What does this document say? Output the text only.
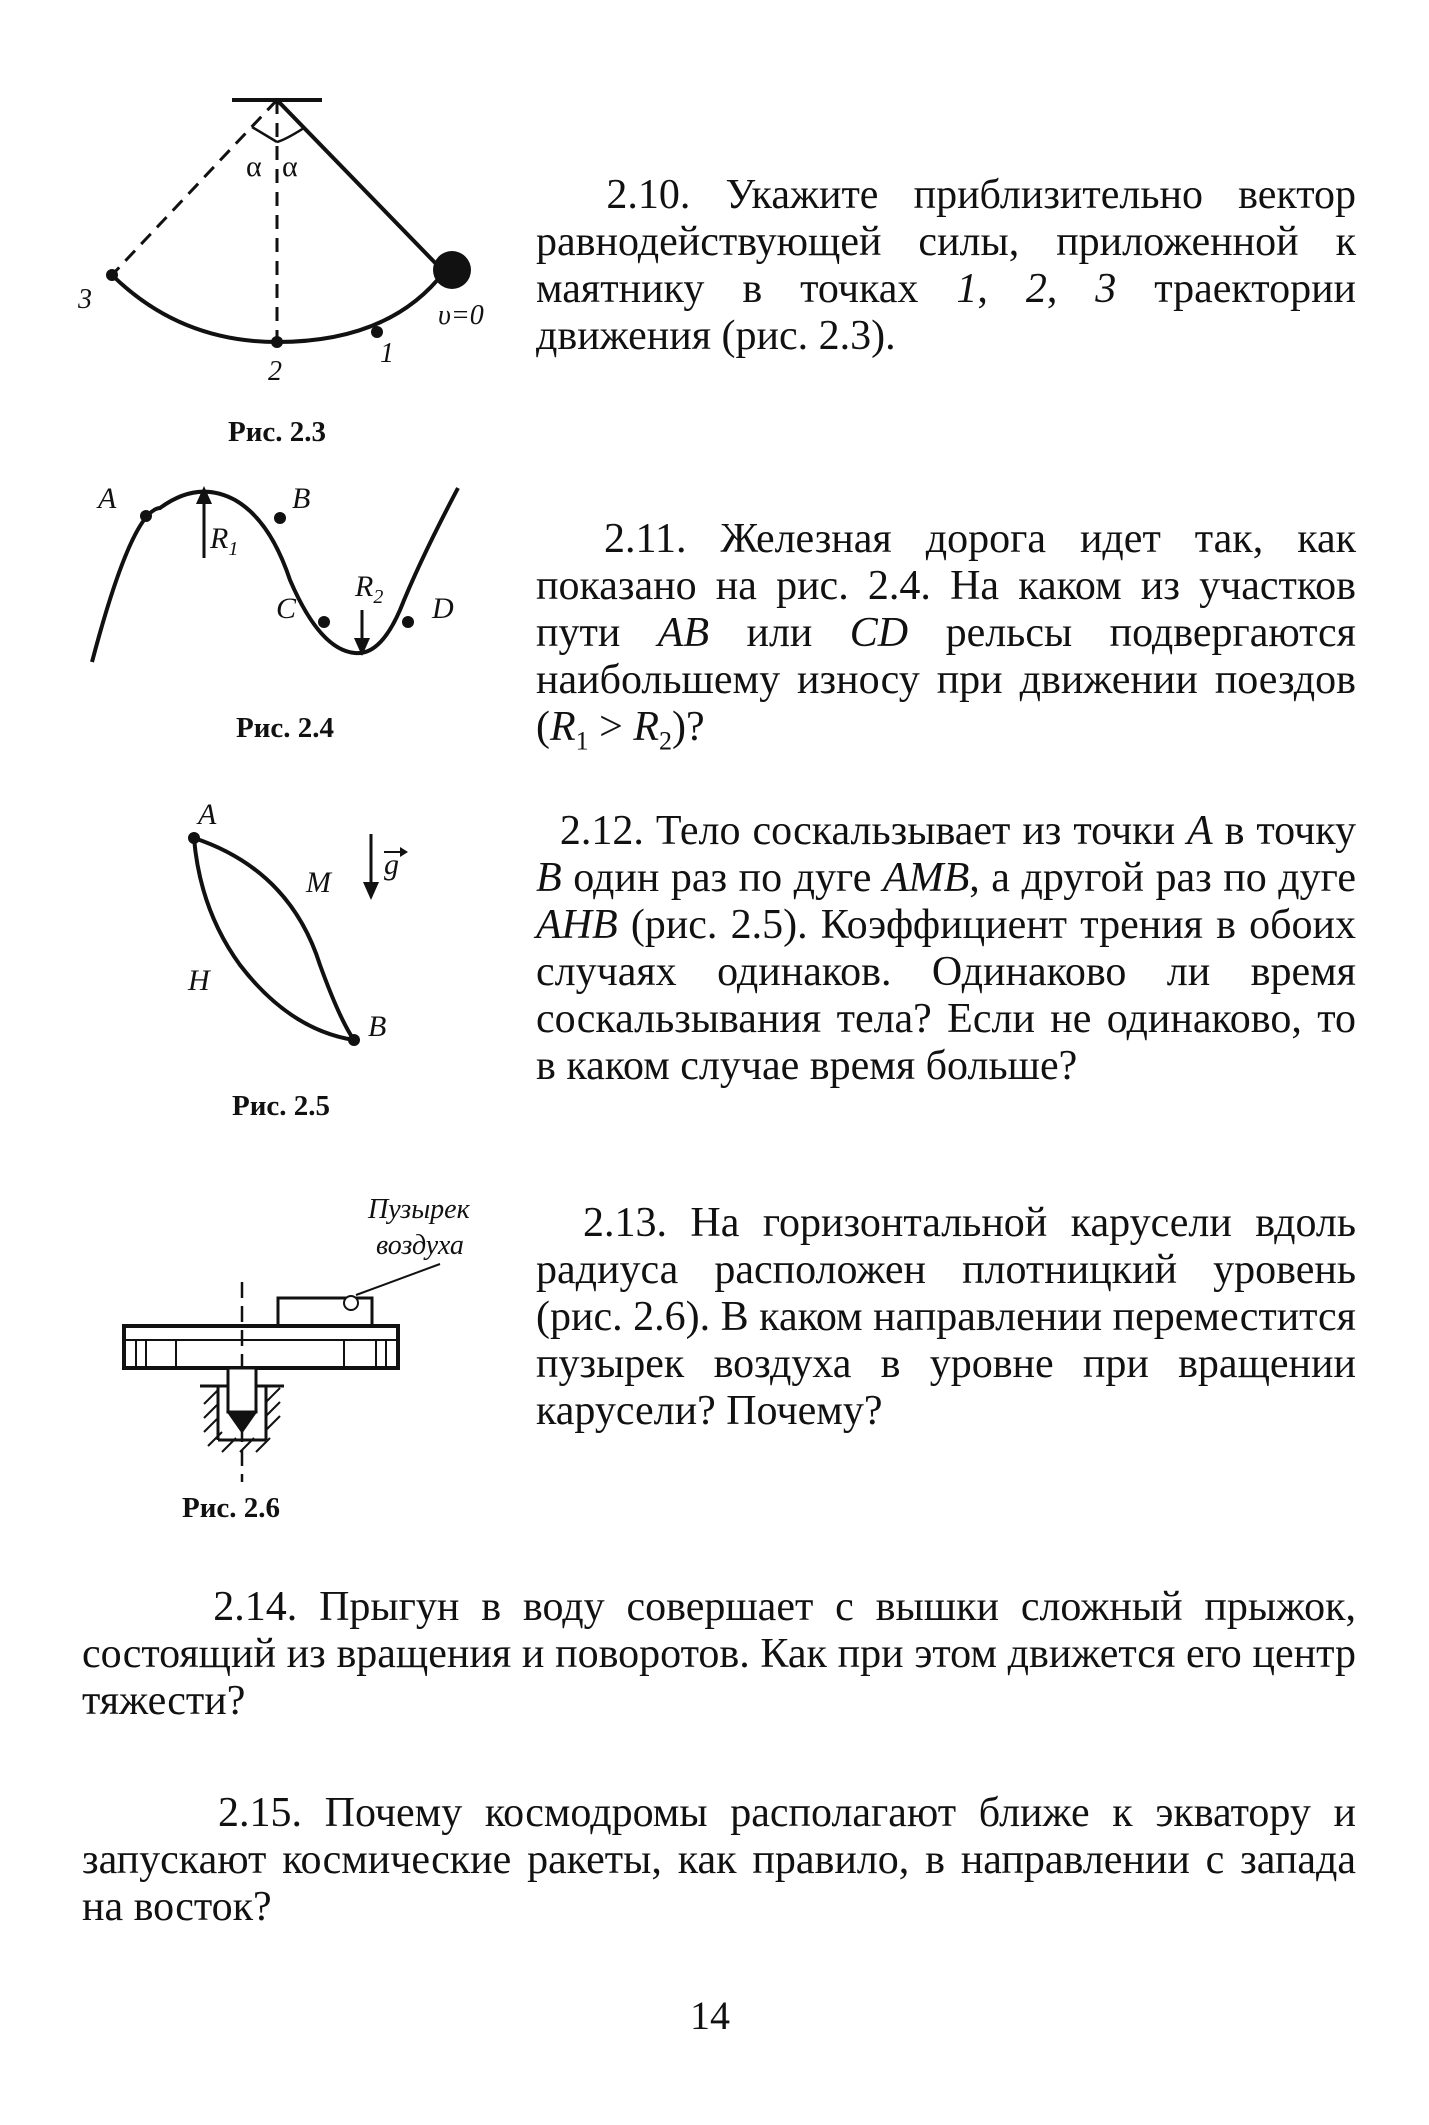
α α
3
2
1
υ=0
Рис. 2.3
2.10. Укажите приблизительно вектор равнодействующей силы, приложенной к маятнику в точках 1, 2, 3 траектории движения (рис. 2.3).
$R_1$
$R_2$
A	B
C	D
Рис. 2.4
2.11. Железная дорога идет так, как показано на рис. 2.4. На каком из участков пути AB или CD рельсы подвергаются наибольшему износу при движении поездов $(R_1 > R_2)$?
A
B
M
H
g
Рис. 2.5
2.12. Тело соскальзывает из точки A в точку B один раз по дуге AMB, а другой раз по дуге AHB (рис. 2.5). Коэффициент трения в обоих случаях одинаков. Одинаково ли время соскальзывания тела? Если не одинаково, то в каком случае время больше?
Пузырек
воздуха
Рис. 2.6
2.13. На горизонтальной карусели вдоль радиуса расположен плотницкий уровень (рис. 2.6). В каком направлении переместится пузырек воздуха в уровне при вращении карусели? Почему?
2.14. Прыгун в воду совершает с вышки сложный прыжок, состоящий из вращения и поворотов. Как при этом движется его центр тяжести?
2.15. Почему космодромы располагают ближе к экватору и запускают космические ракеты, как правило, в направлении с запада на восток?
14
